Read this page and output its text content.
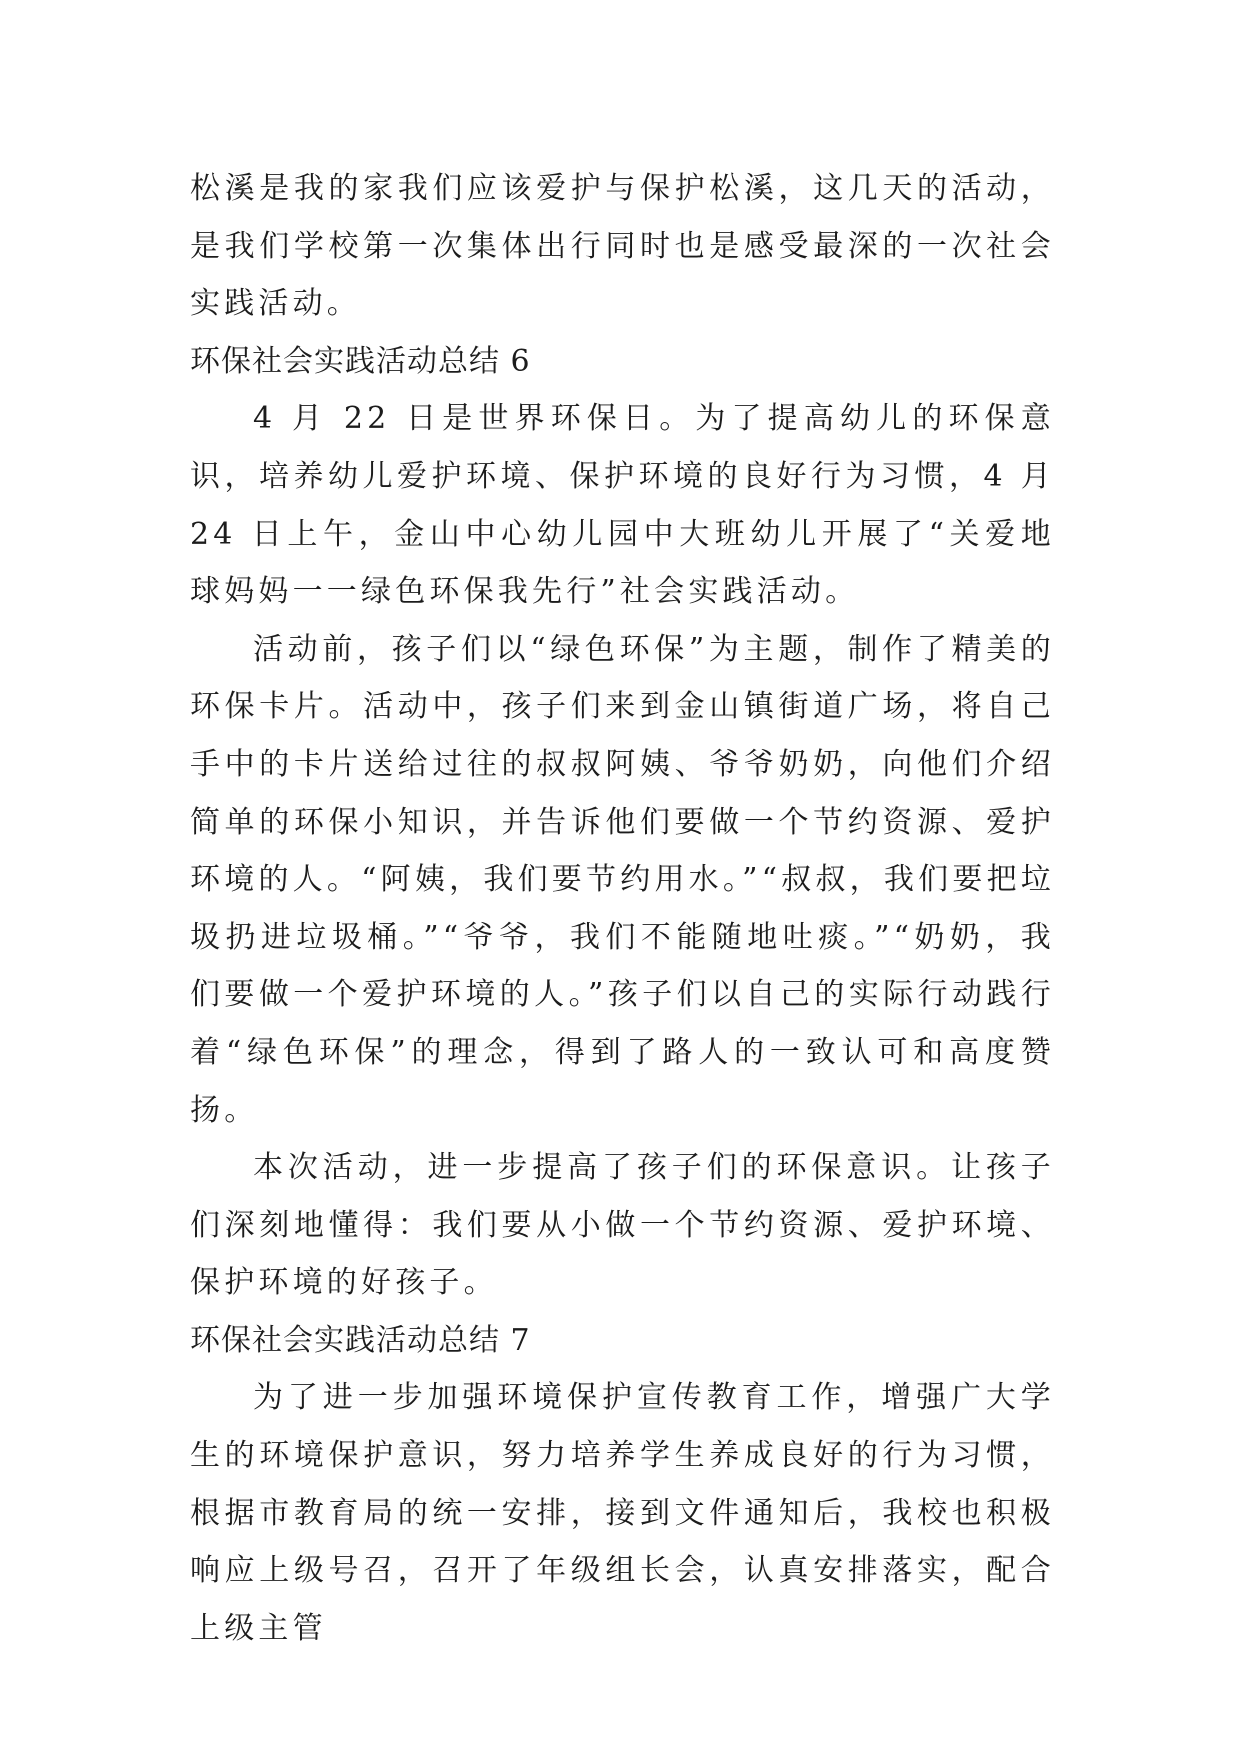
松溪是我的家我们应该爱护与保护松溪，这几天的活动，是我们学校第一次集体出行同时也是感受最深的一次社会实践活动。

环保社会实践活动总结 6

4 月 22 日是世界环保日。为了提高幼儿的环保意识，培养幼儿爱护环境、保护环境的良好行为习惯，4 月 24 日上午，金山中心幼儿园中大班幼儿开展了“关爱地球妈妈一一绿色环保我先行”社会实践活动。

活动前，孩子们以“绿色环保”为主题，制作了精美的环保卡片。活动中，孩子们来到金山镇街道广场，将自己手中的卡片送给过往的叔叔阿姨、爷爷奶奶，向他们介绍简单的环保小知识，并告诉他们要做一个节约资源、爱护环境的人。“阿姨，我们要节约用水。”“叔叔，我们要把垃圾扔进垃圾桶。”“爷爷，我们不能随地吐痰。”“奶奶，我们要做一个爱护环境的人。”孩子们以自己的实际行动践行着“绿色环保”的理念，得到了路人的一致认可和高度赞扬。

本次活动，进一步提高了孩子们的环保意识。让孩子们深刻地懂得：我们要从小做一个节约资源、爱护环境、保护环境的好孩子。

环保社会实践活动总结 7

为了进一步加强环境保护宣传教育工作，增强广大学生的环境保护意识，努力培养学生养成良好的行为习惯，根据市教育局的统一安排，接到文件通知后，我校也积极响应上级号召，召开了年级组长会，认真安排落实，配合上级主管
